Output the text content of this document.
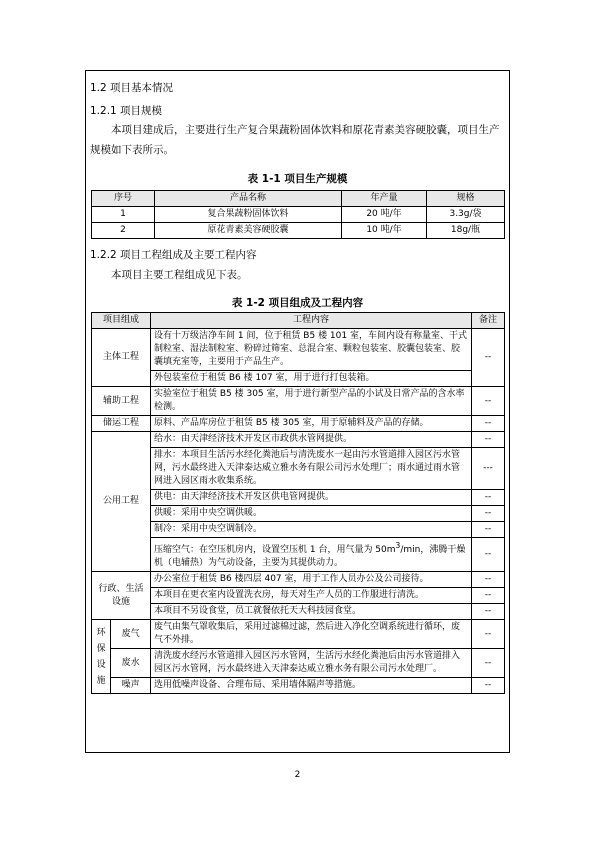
1.2 项目基本情况
1.2.1 项目规模
本项目建成后，主要进行生产复合果蔬粉固体饮料和原花青素美容硬胶囊，项目生产规模如下表所示。
表 1-1 项目生产规模
序号	产品名称	年产量	规格
1	复合果蔬粉固体饮料	20 吨/年	3.3g/袋
2	原花青素美容硬胶囊	10 吨/年	18g/瓶
1.2.2 项目工程组成及主要工程内容
本项目主要工程组成见下表。
表 1-2 项目组成及工程内容
项目组成		工程内容	备注
主体工程		设有十万级洁净车间 1 间，位于租赁 B5 楼 101 室，车间内设有称量室、干式制粒室、湿法制粒室、粉碎过筛室、总混合室、颗粒包装室、胶囊包装室、胶囊填充室等，主要用于产品生产。	--
		外包装室位于租赁 B6 楼 107 室，用于进行打包装箱。	
辅助工程		实验室位于租赁 B5 楼 305 室，用于进行新型产品的小试及日常产品的含水率检测。	--
储运工程		原料、产品库房位于租赁 B5 楼 305 室，用于原辅料及产品的存储。	--
公用工程		给水：由天津经济技术开发区市政供水管网提供。	--
		排水：本项目生活污水经化粪池后与清洗废水一起由污水管道排入园区污水管网，污水最终进入天津泰达威立雅水务有限公司污水处理厂；雨水通过雨水管网进入园区雨水收集系统。	---
		供电：由天津经济技术开发区供电管网提供。	--
		供暖：采用中央空调供暖。	--
		制冷：采用中央空调制冷。	--
		压缩空气：在空压机房内，设置空压机 1 台，用气量为 $50m^3/\min$，沸腾干燥机（电辅热）为气动设备，主要为其提供动力。	--
行政、生活设施		办公室位于租赁 B6 楼四层 407 室，用于工作人员办公及公司接待。	--
		本项目在更衣室内设置洗衣房，每天对生产人员的工作服进行清洗。	--
		本项目不另设食堂，员工就餐依托天大科技园食堂。	--
环保设施	废气	废气由集气罩收集后，采用过滤棉过滤，然后进入净化空调系统进行循环，废气不外排。	--
	废水	清洗废水经污水管道排入园区污水管网，生活污水经化粪池后由污水管道排入园区污水管网，污水最终进入天津泰达威立雅水务有限公司污水处理厂。	--
	噪声	选用低噪声设备、合理布局、采用墙体隔声等措施。	--
2
